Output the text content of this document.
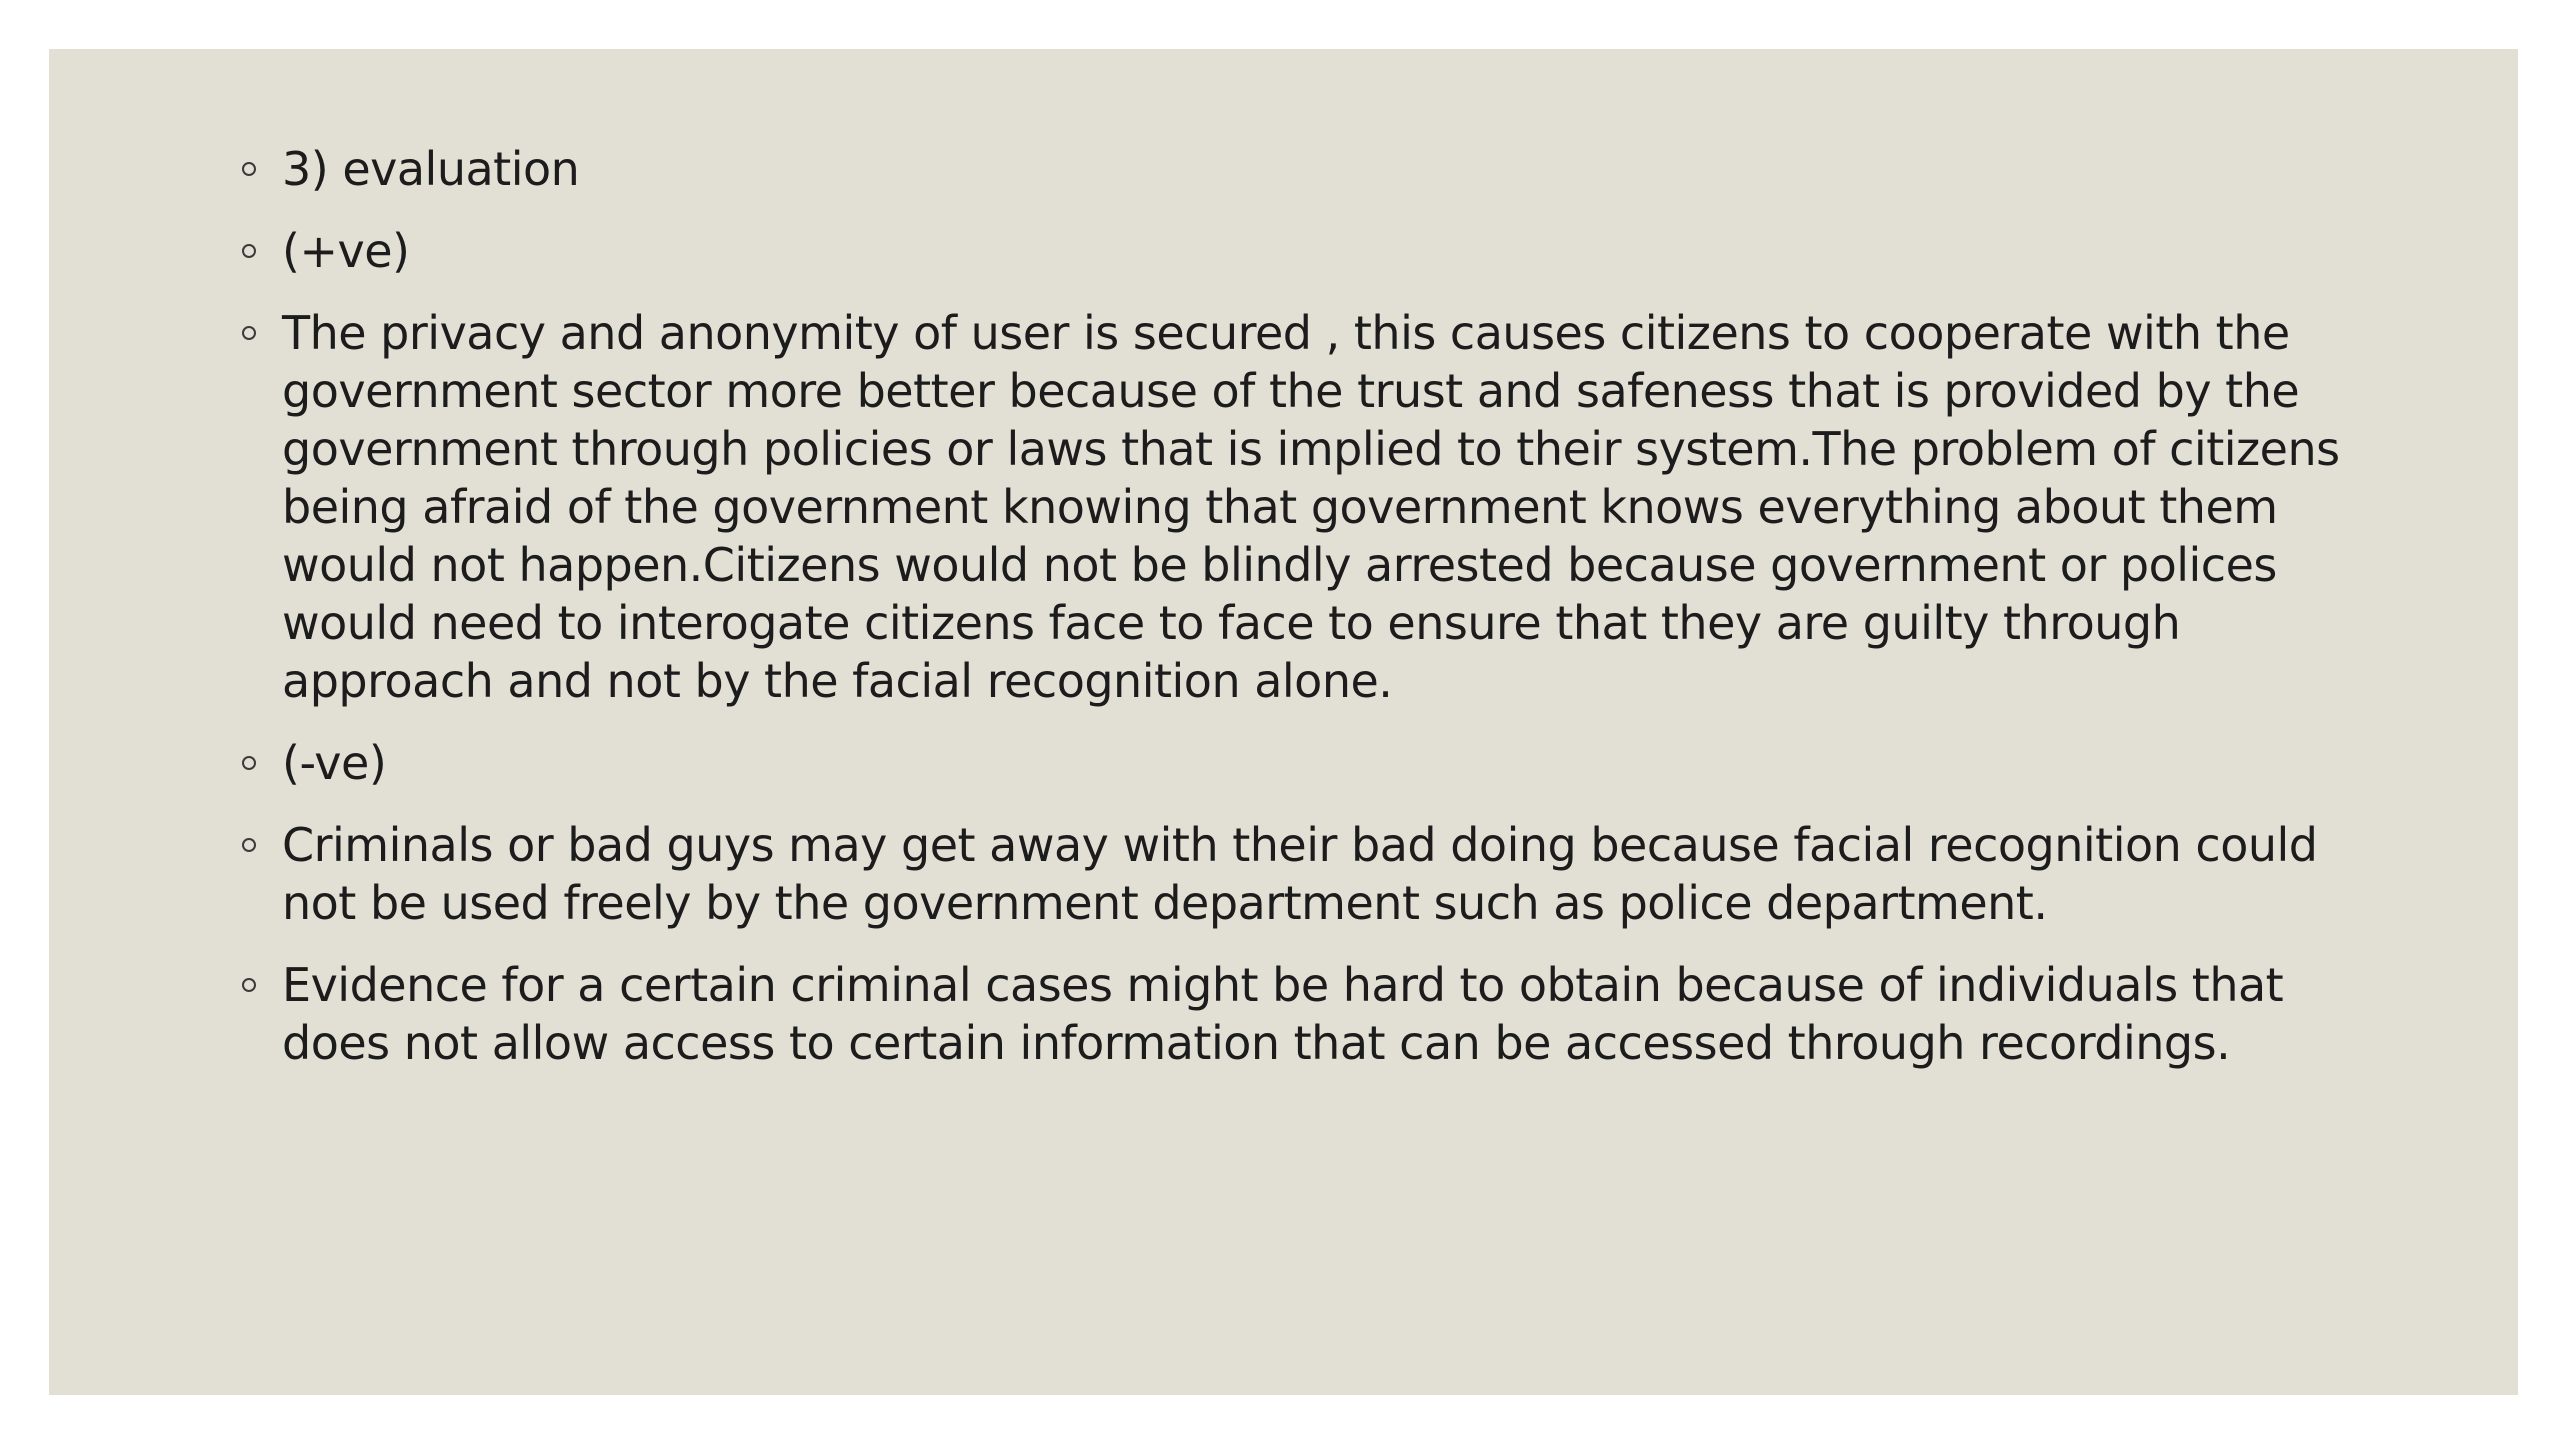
3) evaluation
(+ve)
The privacy and anonymity of user is secured , this causes citizens to cooperate with the government sector more better because of the trust and safeness that is provided by the government through policies or laws that is implied to their system.The problem of citizens being afraid of the government knowing that government knows everything about them would not happen.Citizens would not be blindly arrested because government or polices would need to interogate citizens face to face to ensure that they are guilty through approach and not by the facial recognition alone.
(-ve)
Criminals or bad guys may get away with their bad doing because facial recognition could not be used freely by the government department such as police department.
Evidence for a certain criminal cases might be hard to obtain because of individuals that does not allow access to certain information that can be accessed through recordings.
